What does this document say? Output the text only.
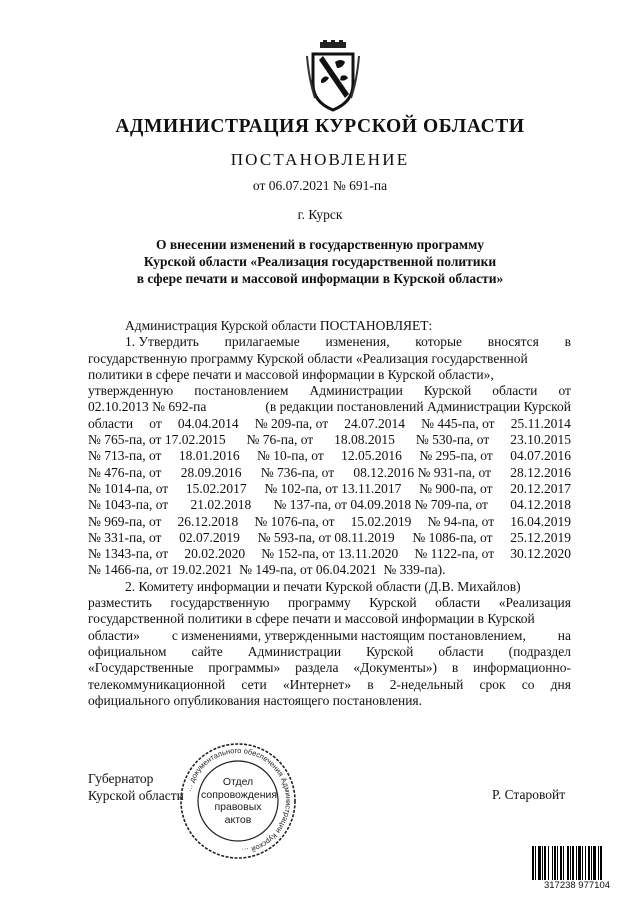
АДМИНИСТРАЦИЯ КУРСКОЙ ОБЛАСТИ
ПОСТАНОВЛЕНИЕ
от 06.07.2021 № 691-па
г. Курск
О внесении изменений в государственную программу
Курской области «Реализация государственной политики
в сфере печати и массовой информации в Курской области»
Администрация Курской области ПОСТАНОВЛЯЕТ:
1. Утвердить прилагаемые изменения, которые вносятся в
государственную программу Курской области «Реализация государственной
политики в сфере печати и массовой информации в Курской области»,
утвержденную постановлением Администрации Курской области от
02.10.2013 № 692-па	(в редакции постановлений Администрации Курской
области от 04.04.2014 № 209-па, от 24.07.2014 № 445-па, от 25.11.2014
№ 765-па, от 17.02.2015 № 76-па, от 18.08.2015 № 530-па, от 23.10.2015
№ 713-па, от 18.01.2016 № 10-па, от 12.05.2016 № 295-па, от 04.07.2016
№ 476-па, от 28.09.2016 № 736-па, от 08.12.2016 № 931-па, от 28.12.2016
№ 1014-па, от 15.02.2017 № 102-па, от 13.11.2017 № 900-па, от 20.12.2017
№ 1043-па, от 21.02.2018 № 137-па, от 04.09.2018 № 709-па, от 04.12.2018
№ 969-па, от 26.12.2018 № 1076-па, от 15.02.2019 № 94-па, от 16.04.2019
№ 331-па, от 02.07.2019 № 593-па, от 08.11.2019 № 1086-па, от 25.12.2019
№ 1343-па, от 20.02.2020 № 152-па, от 13.11.2020 № 1122-па, от 30.12.2020
№ 1466-па, от 19.02.2021  № 149-па, от 06.04.2021  № 339-па).
2. Комитету информации и печати Курской области (Д.В. Михайлов)
разместить государственную программу Курской области «Реализация
государственной политики в сфере печати и массовой информации в Курской
области» с изменениями, утвержденными настоящим постановлением, на
официальном сайте Администрации Курской области (подраздел
«Государственные программы» раздела «Документы») в информационно-
телекоммуникационной сети «Интернет» в 2-недельный срок со дня
официального опубликования настоящего постановления.
Губернатор
Курской области
… документального обеспечения Администрации Курской …
Отдел сопровождения правовых актов
Р. Старовойт
317238 977104
